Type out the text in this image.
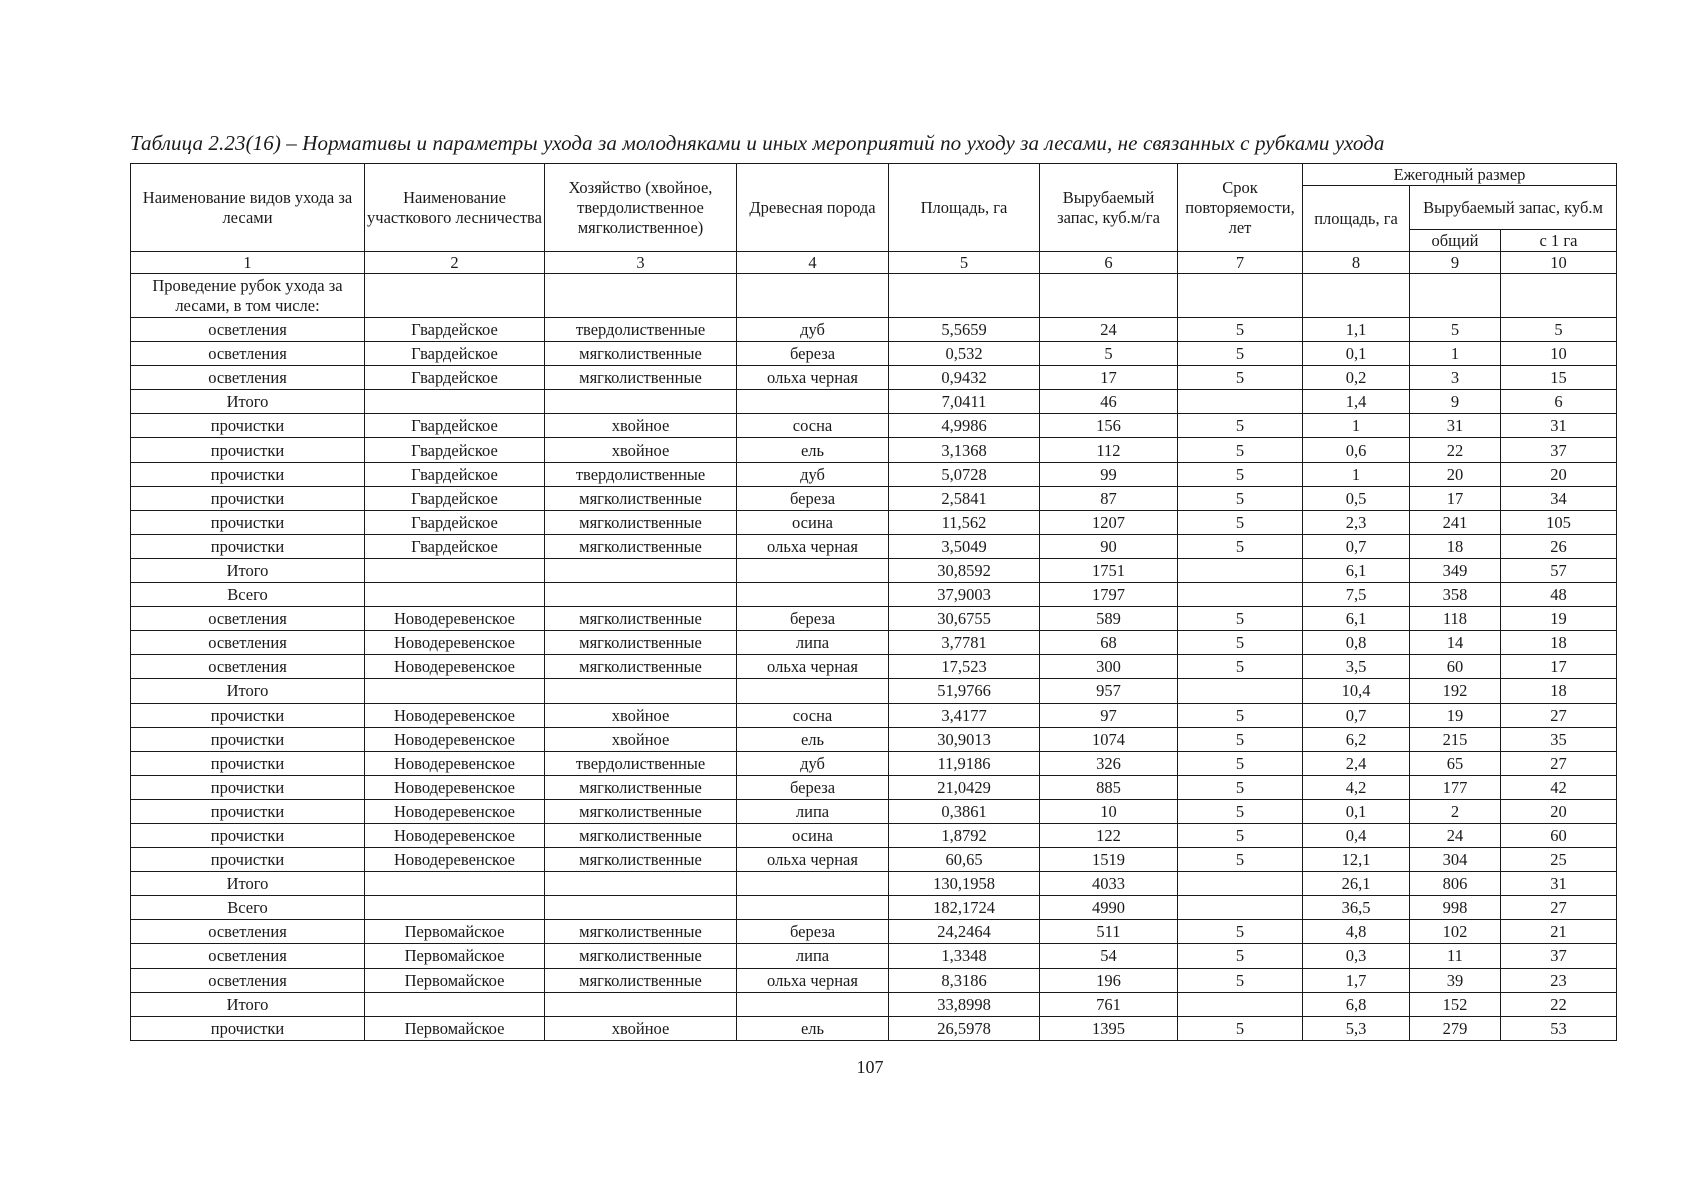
Таблица 2.23(16) – Нормативы и параметры ухода за молодняками и иных мероприятий по уходу за лесами, не связанных с рубками ухода
Наименование видов ухода за лесами	Наименование участкового лесничества	Хозяйство (хвойное, твердолиственное мягколиственное)	Древесная порода	Площадь, га	Вырубаемый запас, куб.м/га	Срок повторяемости, лет	Ежегодный размер		
							площадь, га	Вырубаемый запас, куб.м	
								общий	с 1 га
1	2	3	4	5	6	7	8	9	10
Проведение рубок ухода за лесами, в том числе:									
осветления	Гвардейское	твердолиственные	дуб	5,5659	24	5	1,1	5	5
осветления	Гвардейское	мягколиственные	береза	0,532	5	5	0,1	1	10
осветления	Гвардейское	мягколиственные	ольха черная	0,9432	17	5	0,2	3	15
Итого				7,0411	46		1,4	9	6
прочистки	Гвардейское	хвойное	сосна	4,9986	156	5	1	31	31
прочистки	Гвардейское	хвойное	ель	3,1368	112	5	0,6	22	37
прочистки	Гвардейское	твердолиственные	дуб	5,0728	99	5	1	20	20
прочистки	Гвардейское	мягколиственные	береза	2,5841	87	5	0,5	17	34
прочистки	Гвардейское	мягколиственные	осина	11,562	1207	5	2,3	241	105
прочистки	Гвардейское	мягколиственные	ольха черная	3,5049	90	5	0,7	18	26
Итого				30,8592	1751		6,1	349	57
Всего				37,9003	1797		7,5	358	48
осветления	Новодеревенское	мягколиственные	береза	30,6755	589	5	6,1	118	19
осветления	Новодеревенское	мягколиственные	липа	3,7781	68	5	0,8	14	18
осветления	Новодеревенское	мягколиственные	ольха черная	17,523	300	5	3,5	60	17
Итого				51,9766	957		10,4	192	18
прочистки	Новодеревенское	хвойное	сосна	3,4177	97	5	0,7	19	27
прочистки	Новодеревенское	хвойное	ель	30,9013	1074	5	6,2	215	35
прочистки	Новодеревенское	твердолиственные	дуб	11,9186	326	5	2,4	65	27
прочистки	Новодеревенское	мягколиственные	береза	21,0429	885	5	4,2	177	42
прочистки	Новодеревенское	мягколиственные	липа	0,3861	10	5	0,1	2	20
прочистки	Новодеревенское	мягколиственные	осина	1,8792	122	5	0,4	24	60
прочистки	Новодеревенское	мягколиственные	ольха черная	60,65	1519	5	12,1	304	25
Итого				130,1958	4033		26,1	806	31
Всего				182,1724	4990		36,5	998	27
осветления	Первомайское	мягколиственные	береза	24,2464	511	5	4,8	102	21
осветления	Первомайское	мягколиственные	липа	1,3348	54	5	0,3	11	37
осветления	Первомайское	мягколиственные	ольха черная	8,3186	196	5	1,7	39	23
Итого				33,8998	761		6,8	152	22
прочистки	Первомайское	хвойное	ель	26,5978	1395	5	5,3	279	53
107
